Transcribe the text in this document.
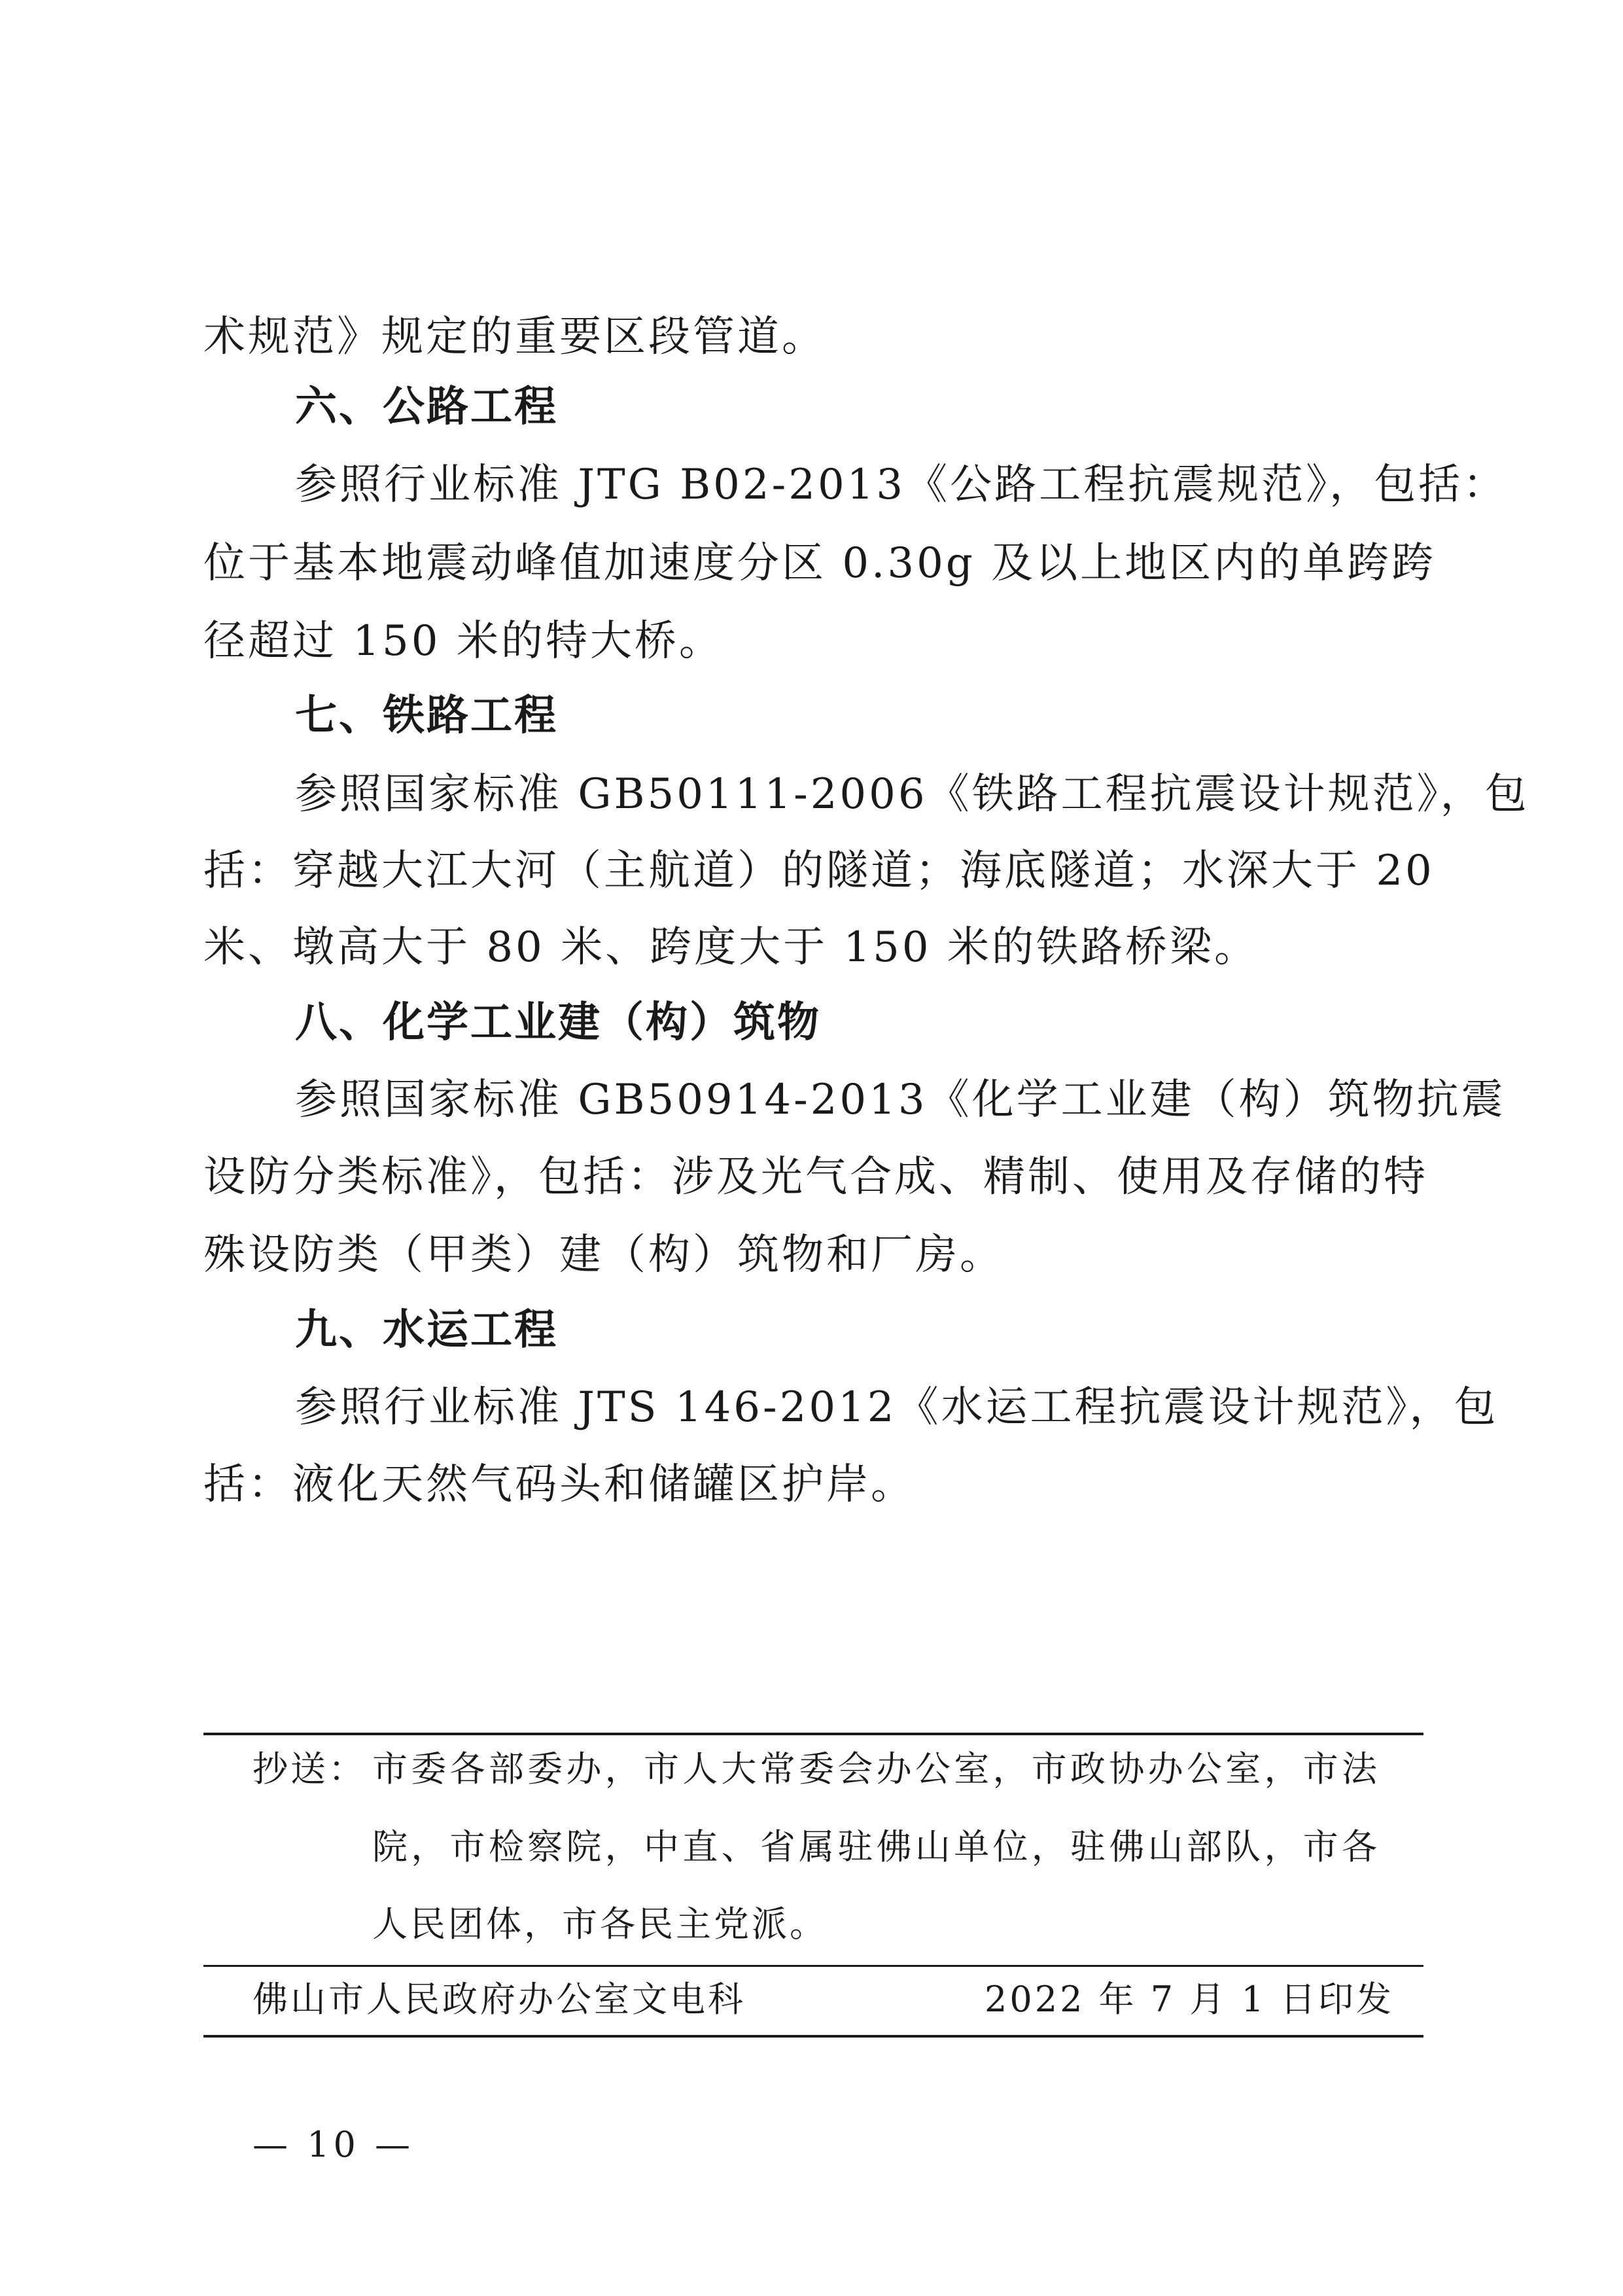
术规范》规定的重要区段管道。
六、公路工程
参照行业标准 JTG B02-2013《公路工程抗震规范》，包括：
位于基本地震动峰值加速度分区 0.30g 及以上地区内的单跨跨
径超过 150 米的特大桥。
七、铁路工程
参照国家标准 GB50111-2006《铁路工程抗震设计规范》，包
括：穿越大江大河（主航道）的隧道；海底隧道；水深大于 20
米、墩高大于 80 米、跨度大于 150 米的铁路桥梁。
八、化学工业建（构）筑物
参照国家标准 GB50914-2013《化学工业建（构）筑物抗震
设防分类标准》，包括：涉及光气合成、精制、使用及存储的特
殊设防类（甲类）建（构）筑物和厂房。
九、水运工程
参照行业标准 JTS 146-2012《水运工程抗震设计规范》，包
括：液化天然气码头和储罐区护岸。
抄送： 市委各部委办，市人大常委会办公室，市政协办公室，市法
院，市检察院，中直、省属驻佛山单位，驻佛山部队，市各
人民团体，市各民主党派。
佛山市人民政府办公室文电科	2022 年 7 月 1 日印发
— 10 —
